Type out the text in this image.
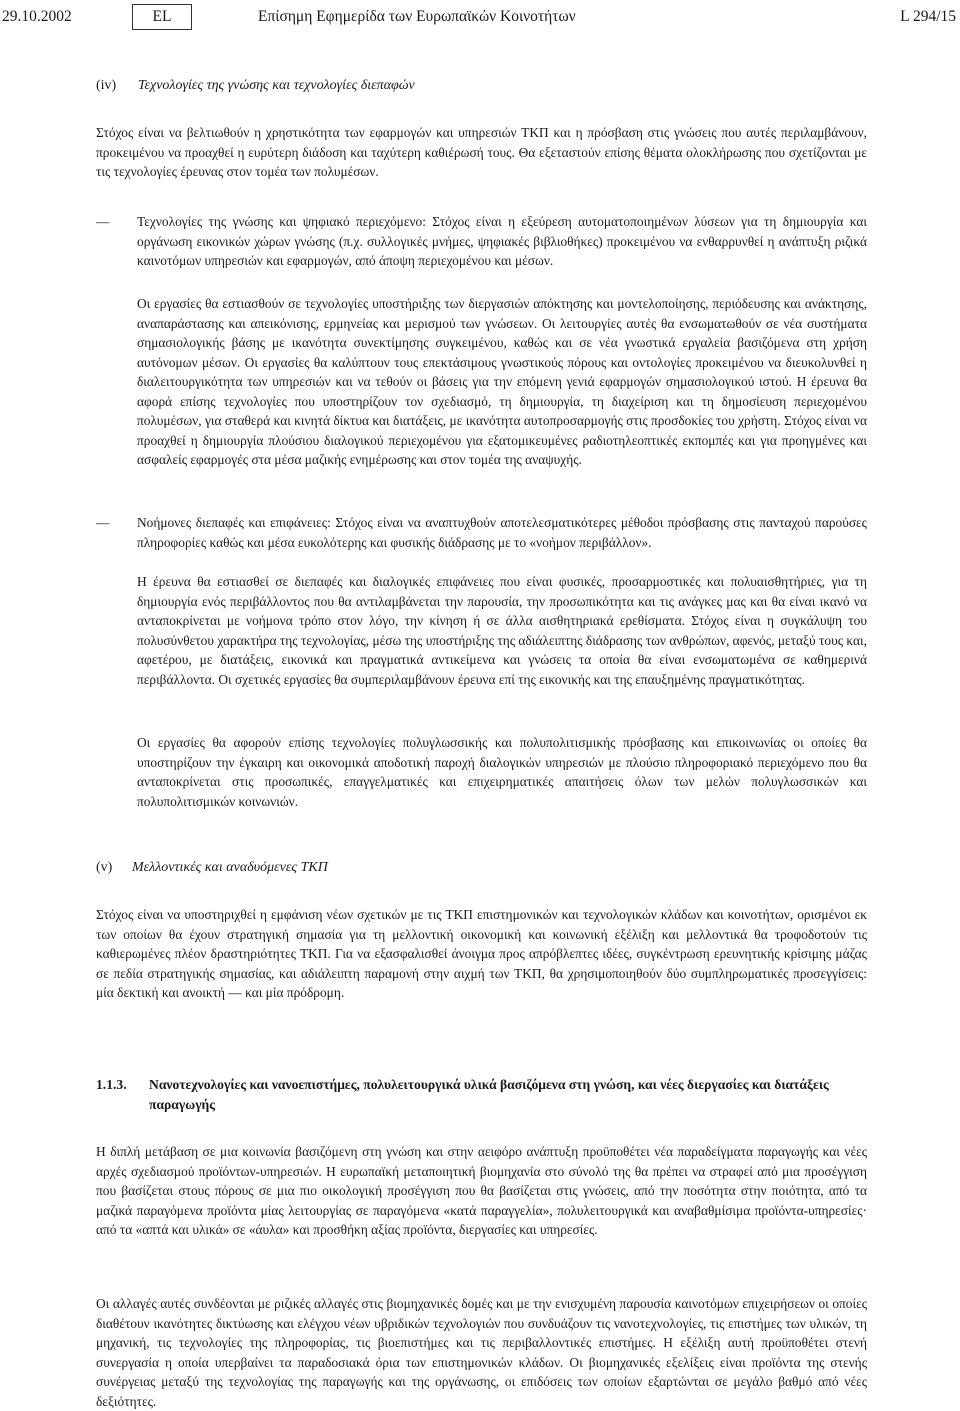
29.10.2002	EL	Επίσημη Εφημερίδα των Ευρωπαϊκών Κοινοτήτων	L 294/15
(iv) Τεχνολογίες της γνώσης και τεχνολογίες διεπαφών

Στόχος είναι να βελτιωθούν η χρηστικότητα των εφαρμογών και υπηρεσιών ΤΚΠ και η πρόσβαση στις γνώσεις που αυτές περιλαμβάνουν, προκειμένου να προαχθεί η ευρύτερη διάδοση και ταχύτερη καθιέρωσή τους. Θα εξεταστούν επίσης θέματα ολοκλήρωσης που σχετίζονται με τις τεχνολογίες έρευνας στον τομέα των πολυμέσων.

— Τεχνολογίες της γνώσης και ψηφιακό περιεχόμενο: Στόχος είναι η εξεύρεση αυτοματοποιημένων λύσεων για τη δημιουργία και οργάνωση εικονικών χώρων γνώσης (π.χ. συλλογικές μνήμες, ψηφιακές βιβλιοθήκες) προκειμένου να ενθαρρυνθεί η ανάπτυξη ριζικά καινοτόμων υπηρεσιών και εφαρμογών, από άποψη περιεχομένου και μέσων.

Οι εργασίες θα εστιασθούν σε τεχνολογίες υποστήριξης των διεργασιών απόκτησης και μοντελοποίησης, περιόδευσης και ανάκτησης, αναπαράστασης και απεικόνισης, ερμηνείας και μερισμού των γνώσεων. Οι λειτουργίες αυτές θα ενσωματωθούν σε νέα συστήματα σημασιολογικής βάσης με ικανότητα συνεκτίμησης συγκειμένου, καθώς και σε νέα γνωστικά εργαλεία βασιζόμενα στη χρήση αυτόνομων μέσων. Οι εργασίες θα καλύπτουν τους επεκτάσιμους γνωστικούς πόρους και οντολογίες προκειμένου να διευκολυνθεί η διαλειτουργικότητα των υπηρεσιών και να τεθούν οι βάσεις για την επόμενη γενιά εφαρμογών σημασιολογικού ιστού. Η έρευνα θα αφορά επίσης τεχνολογίες που υποστηρίζουν τον σχεδιασμό, τη δημιουργία, τη διαχείριση και τη δημοσίευση περιεχομένου πολυμέσων, για σταθερά και κινητά δίκτυα και διατάξεις, με ικανότητα αυτοπροσαρμογής στις προσδοκίες του χρήστη. Στόχος είναι να προαχθεί η δημιουργία πλούσιου διαλογικού περιεχομένου για εξατομικευμένες ραδιοτηλεοπτικές εκπομπές και για προηγμένες και ασφαλείς εφαρμογές στα μέσα μαζικής ενημέρωσης και στον τομέα της αναψυχής.

— Νοήμονες διεπαφές και επιφάνειες: Στόχος είναι να αναπτυχθούν αποτελεσματικότερες μέθοδοι πρόσβασης στις πανταχού παρούσες πληροφορίες καθώς και μέσα ευκολότερης και φυσικής διάδρασης με το «νοήμον περιβάλλον».

Η έρευνα θα εστιασθεί σε διεπαφές και διαλογικές επιφάνειες που είναι φυσικές, προσαρμοστικές και πολυαισθητήριες, για τη δημιουργία ενός περιβάλλοντος που θα αντιλαμβάνεται την παρουσία, την προσωπικότητα και τις ανάγκες μας και θα είναι ικανό να ανταποκρίνεται με νοήμονα τρόπο στον λόγο, την κίνηση ή σε άλλα αισθητηριακά ερεθίσματα. Στόχος είναι η συγκάλυψη του πολυσύνθετου χαρακτήρα της τεχνολογίας, μέσω της υποστήριξης της αδιάλειπτης διάδρασης των ανθρώπων, αφενός, μεταξύ τους και, αφετέρου, με διατάξεις, εικονικά και πραγματικά αντικείμενα και γνώσεις τα οποία θα είναι ενσωματωμένα σε καθημερινά περιβάλλοντα. Οι σχετικές εργασίες θα συμπεριλαμβάνουν έρευνα επί της εικονικής και της επαυξημένης πραγματικότητας.

Οι εργασίες θα αφορούν επίσης τεχνολογίες πολυγλωσσικής και πολυπολιτισμικής πρόσβασης και επικοινωνίας οι οποίες θα υποστηρίζουν την έγκαιρη και οικονομικά αποδοτική παροχή διαλογικών υπηρεσιών με πλούσιο πληροφοριακό περιεχόμενο που θα ανταποκρίνεται στις προσωπικές, επαγγελματικές και επιχειρηματικές απαιτήσεις όλων των μελών πολυγλωσσικών και πολυπολιτισμικών κοινωνιών.

(v) Μελλοντικές και αναδυόμενες ΤΚΠ

Στόχος είναι να υποστηριχθεί η εμφάνιση νέων σχετικών με τις ΤΚΠ επιστημονικών και τεχνολογικών κλάδων και κοινοτήτων, ορισμένοι εκ των οποίων θα έχουν στρατηγική σημασία για τη μελλοντική οικονομική και κοινωνική εξέλιξη και μελλοντικά θα τροφοδοτούν τις καθιερωμένες πλέον δραστηριότητες ΤΚΠ. Για να εξασφαλισθεί άνοιγμα προς απρόβλεπτες ιδέες, συγκέντρωση ερευνητικής κρίσιμης μάζας σε πεδία στρατηγικής σημασίας, και αδιάλειπτη παραμονή στην αιχμή των ΤΚΠ, θα χρησιμοποιηθούν δύο συμπληρωματικές προσεγγίσεις: μία δεκτική και ανοικτή — και μία πρόδρομη.

1.1.3. Νανοτεχνολογίες και νανοεπιστήμες, πολυλειτουργικά υλικά βασιζόμενα στη γνώση, και νέες διεργασίες και διατάξεις παραγωγής

Η διπλή μετάβαση σε μια κοινωνία βασιζόμενη στη γνώση και στην αειφόρο ανάπτυξη προϋποθέτει νέα παραδείγματα παραγωγής και νέες αρχές σχεδιασμού προϊόντων-υπηρεσιών. Η ευρωπαϊκή μεταποιητική βιομηχανία στο σύνολό της θα πρέπει να στραφεί από μια προσέγγιση που βασίζεται στους πόρους σε μια πιο οικολογική προσέγγιση που θα βασίζεται στις γνώσεις, από την ποσότητα στην ποιότητα, από τα μαζικά παραγόμενα προϊόντα μίας λειτουργίας σε παραγόμενα «κατά παραγγελία», πολυλειτουργικά και αναβαθμίσιμα προϊόντα-υπηρεσίες· από τα «απτά και υλικά» σε «άυλα» και προσθήκη αξίας προϊόντα, διεργασίες και υπηρεσίες.

Οι αλλαγές αυτές συνδέονται με ριζικές αλλαγές στις βιομηχανικές δομές και με την ενισχυμένη παρουσία καινοτόμων επιχειρήσεων οι οποίες διαθέτουν ικανότητες δικτύωσης και ελέγχου νέων υβριδικών τεχνολογιών που συνδυάζουν τις νανοτεχνολογίες, τις επιστήμες των υλικών, τη μηχανική, τις τεχνολογίες της πληροφορίας, τις βιοεπιστήμες και τις περιβαλλοντικές επιστήμες. Η εξέλιξη αυτή προϋποθέτει στενή συνεργασία η οποία υπερβαίνει τα παραδοσιακά όρια των επιστημονικών κλάδων. Οι βιομηχανικές εξελίξεις είναι προϊόντα της στενής συνέργειας μεταξύ της τεχνολογίας της παραγωγής και της οργάνωσης, οι επιδόσεις των οποίων εξαρτώνται σε μεγάλο βαθμό από νέες δεξιότητες.
